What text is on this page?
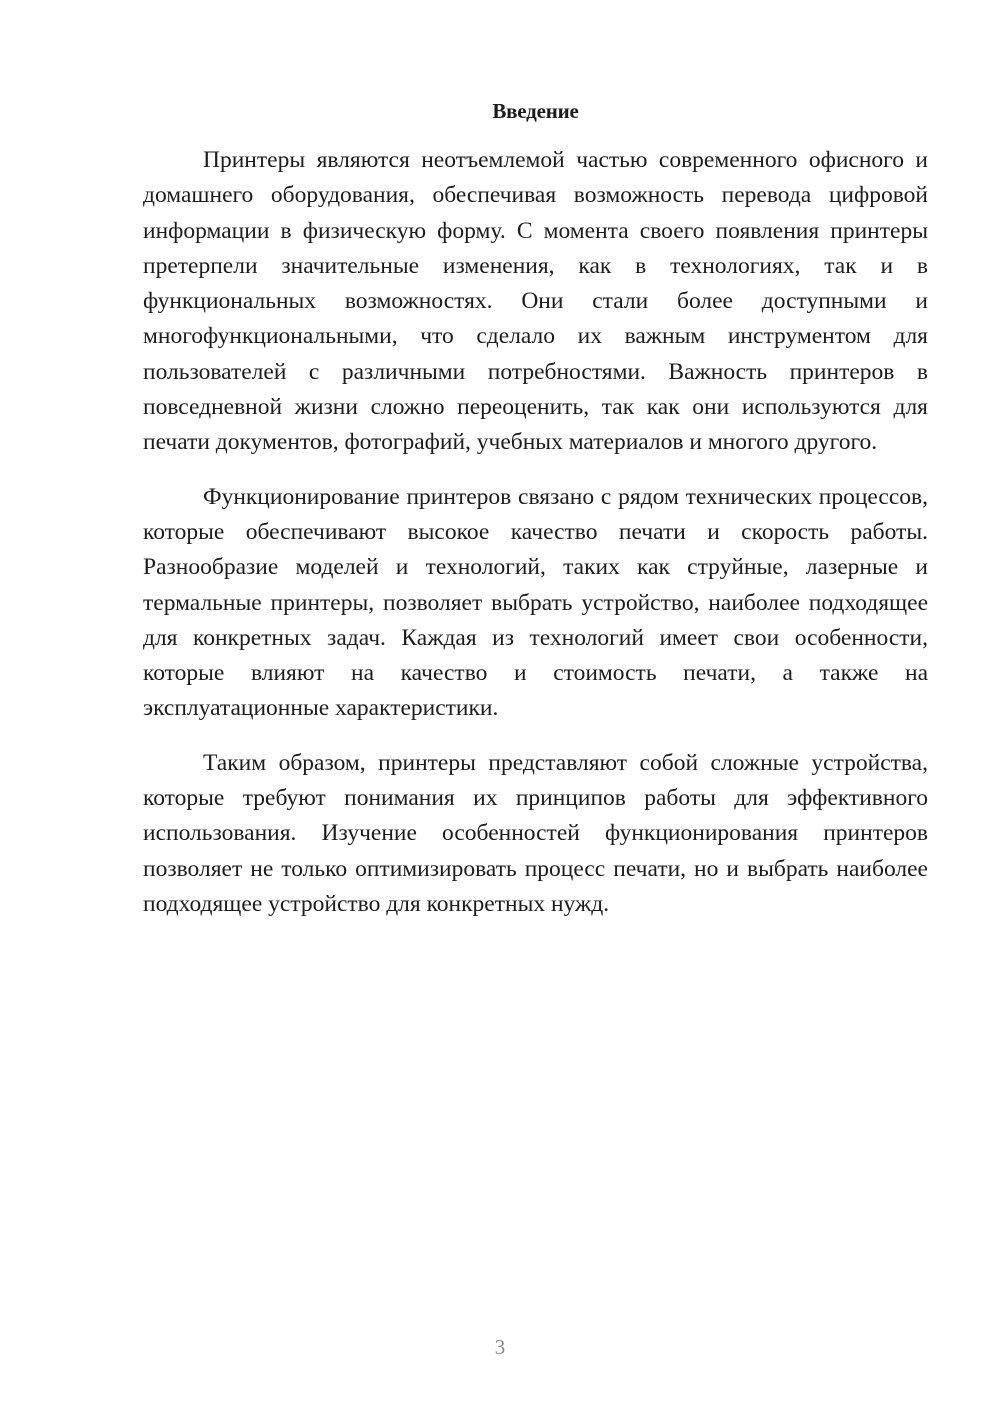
Введение

Принтеры являются неотъемлемой частью современного офисного и домашнего оборудования, обеспечивая возможность перевода цифровой информации в физическую форму. С момента своего появления принтеры претерпели значительные изменения, как в технологиях, так и в функциональных возможностях. Они стали более доступными и многофункциональными, что сделало их важным инструментом для пользователей с различными потребностями. Важность принтеров в повседневной жизни сложно переоценить, так как они используются для печати документов, фотографий, учебных материалов и многого другого.

Функционирование принтеров связано с рядом технических процессов, которые обеспечивают высокое качество печати и скорость работы. Разнообразие моделей и технологий, таких как струйные, лазерные и термальные принтеры, позволяет выбрать устройство, наиболее подходящее для конкретных задач. Каждая из технологий имеет свои особенности, которые влияют на качество и стоимость печати, а также на эксплуатационные характеристики.

Таким образом, принтеры представляют собой сложные устройства, которые требуют понимания их принципов работы для эффективного использования. Изучение особенностей функционирования принтеров позволяет не только оптимизировать процесс печати, но и выбрать наиболее подходящее устройство для конкретных нужд.

3
